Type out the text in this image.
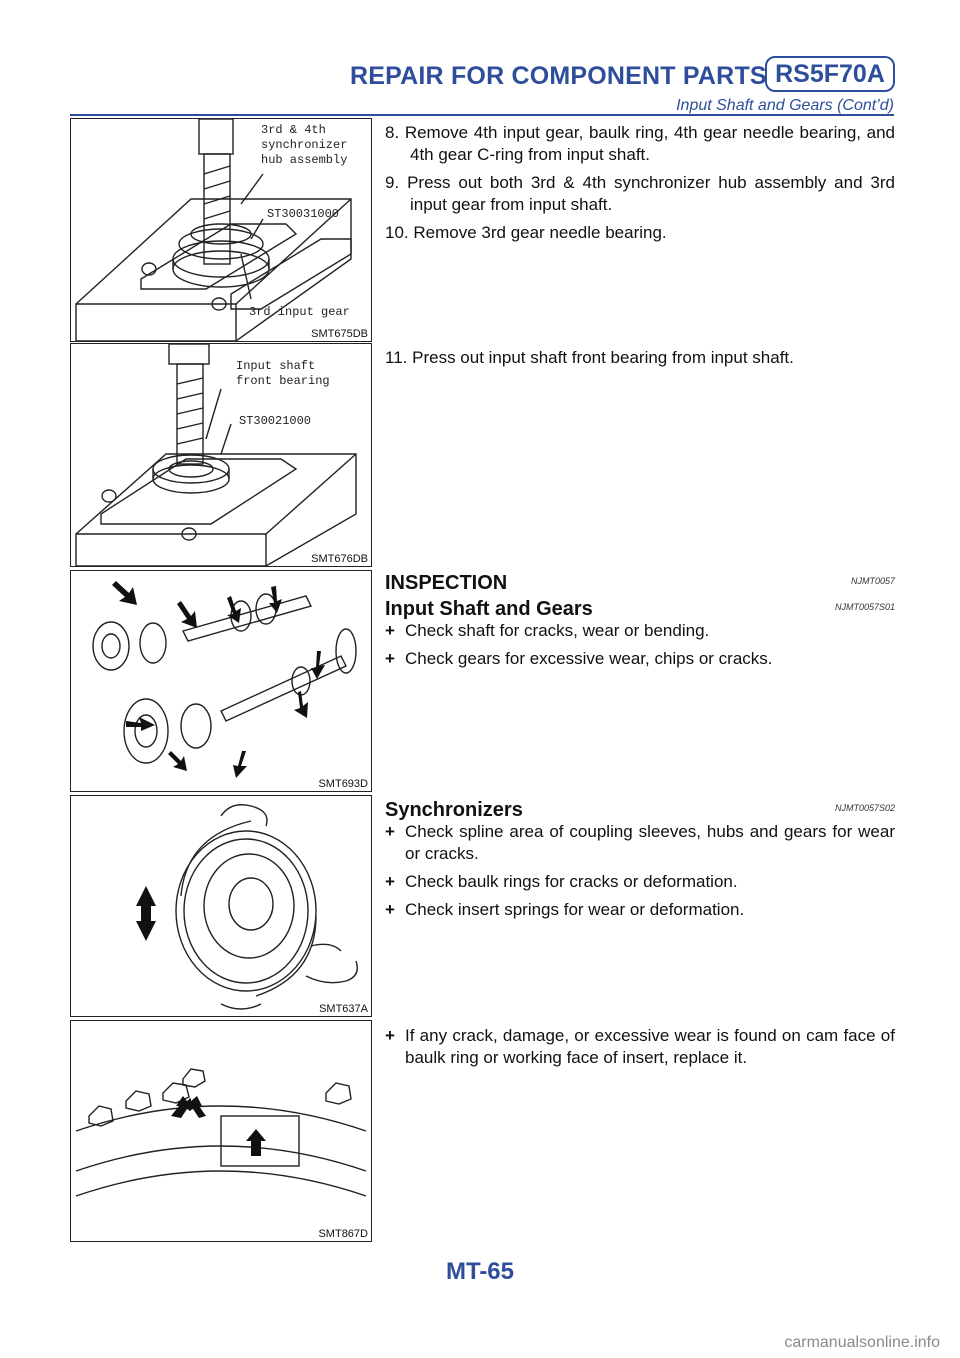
REPAIR FOR COMPONENT PARTS RS5F70A
Input Shaft and Gears (Cont’d)
3rd & 4th
synchronizer
hub assembly
ST30031000
3rd input gear
SMT675DB
Input shaft
front bearing
ST30021000
SMT676DB
SMT693D
SMT637A
SMT867D

8. Remove 4th input gear, baulk ring, 4th gear needle bearing, and 4th gear C-ring from input shaft.

9. Press out both 3rd & 4th synchronizer hub assembly and 3rd input gear from input shaft.

10. Remove 3rd gear needle bearing.

11. Press out input shaft front bearing from input shaft.

INSPECTION	NJMT0057
Input Shaft and Gears	NJMT0057S01

+ Check shaft for cracks, wear or bending.

+ Check gears for excessive wear, chips or cracks.

Synchronizers	NJMT0057S02

+ Check spline area of coupling sleeves, hubs and gears for wear or cracks.

+ Check baulk rings for cracks or deformation.

+ Check insert springs for wear or deformation.

+ If any crack, damage, or excessive wear is found on cam face of baulk ring or working face of insert, replace it.

MT-65
carmanualsonline.info
